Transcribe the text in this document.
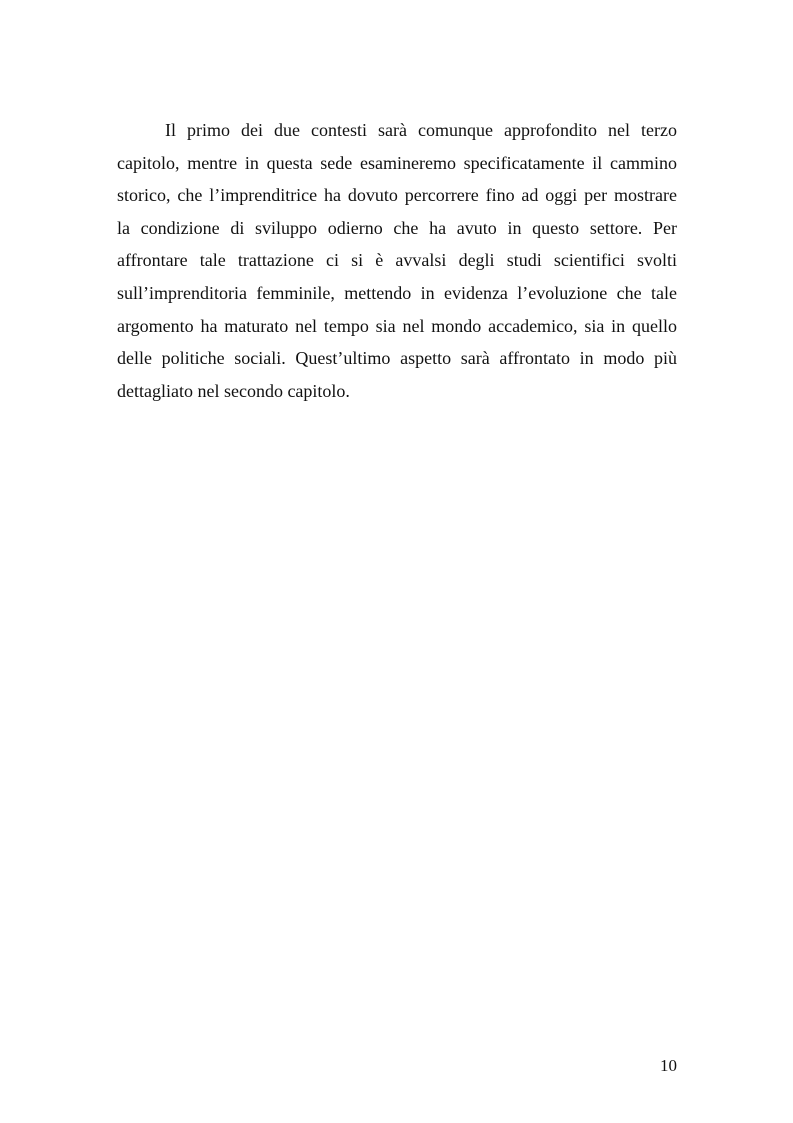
Il primo dei due contesti sarà comunque approfondito nel terzo
capitolo, mentre in questa sede esamineremo specificatamente il cammino
storico, che l’imprenditrice ha dovuto percorrere fino ad oggi per mostrare
la condizione di sviluppo odierno che ha avuto in questo settore. Per
affrontare tale trattazione ci si è avvalsi degli studi scientifici svolti
sull’imprenditoria femminile, mettendo in evidenza l’evoluzione che tale
argomento ha maturato nel tempo sia nel mondo accademico, sia in quello
delle politiche sociali. Quest’ultimo aspetto sarà affrontato in modo più
dettagliato nel secondo capitolo.

10
